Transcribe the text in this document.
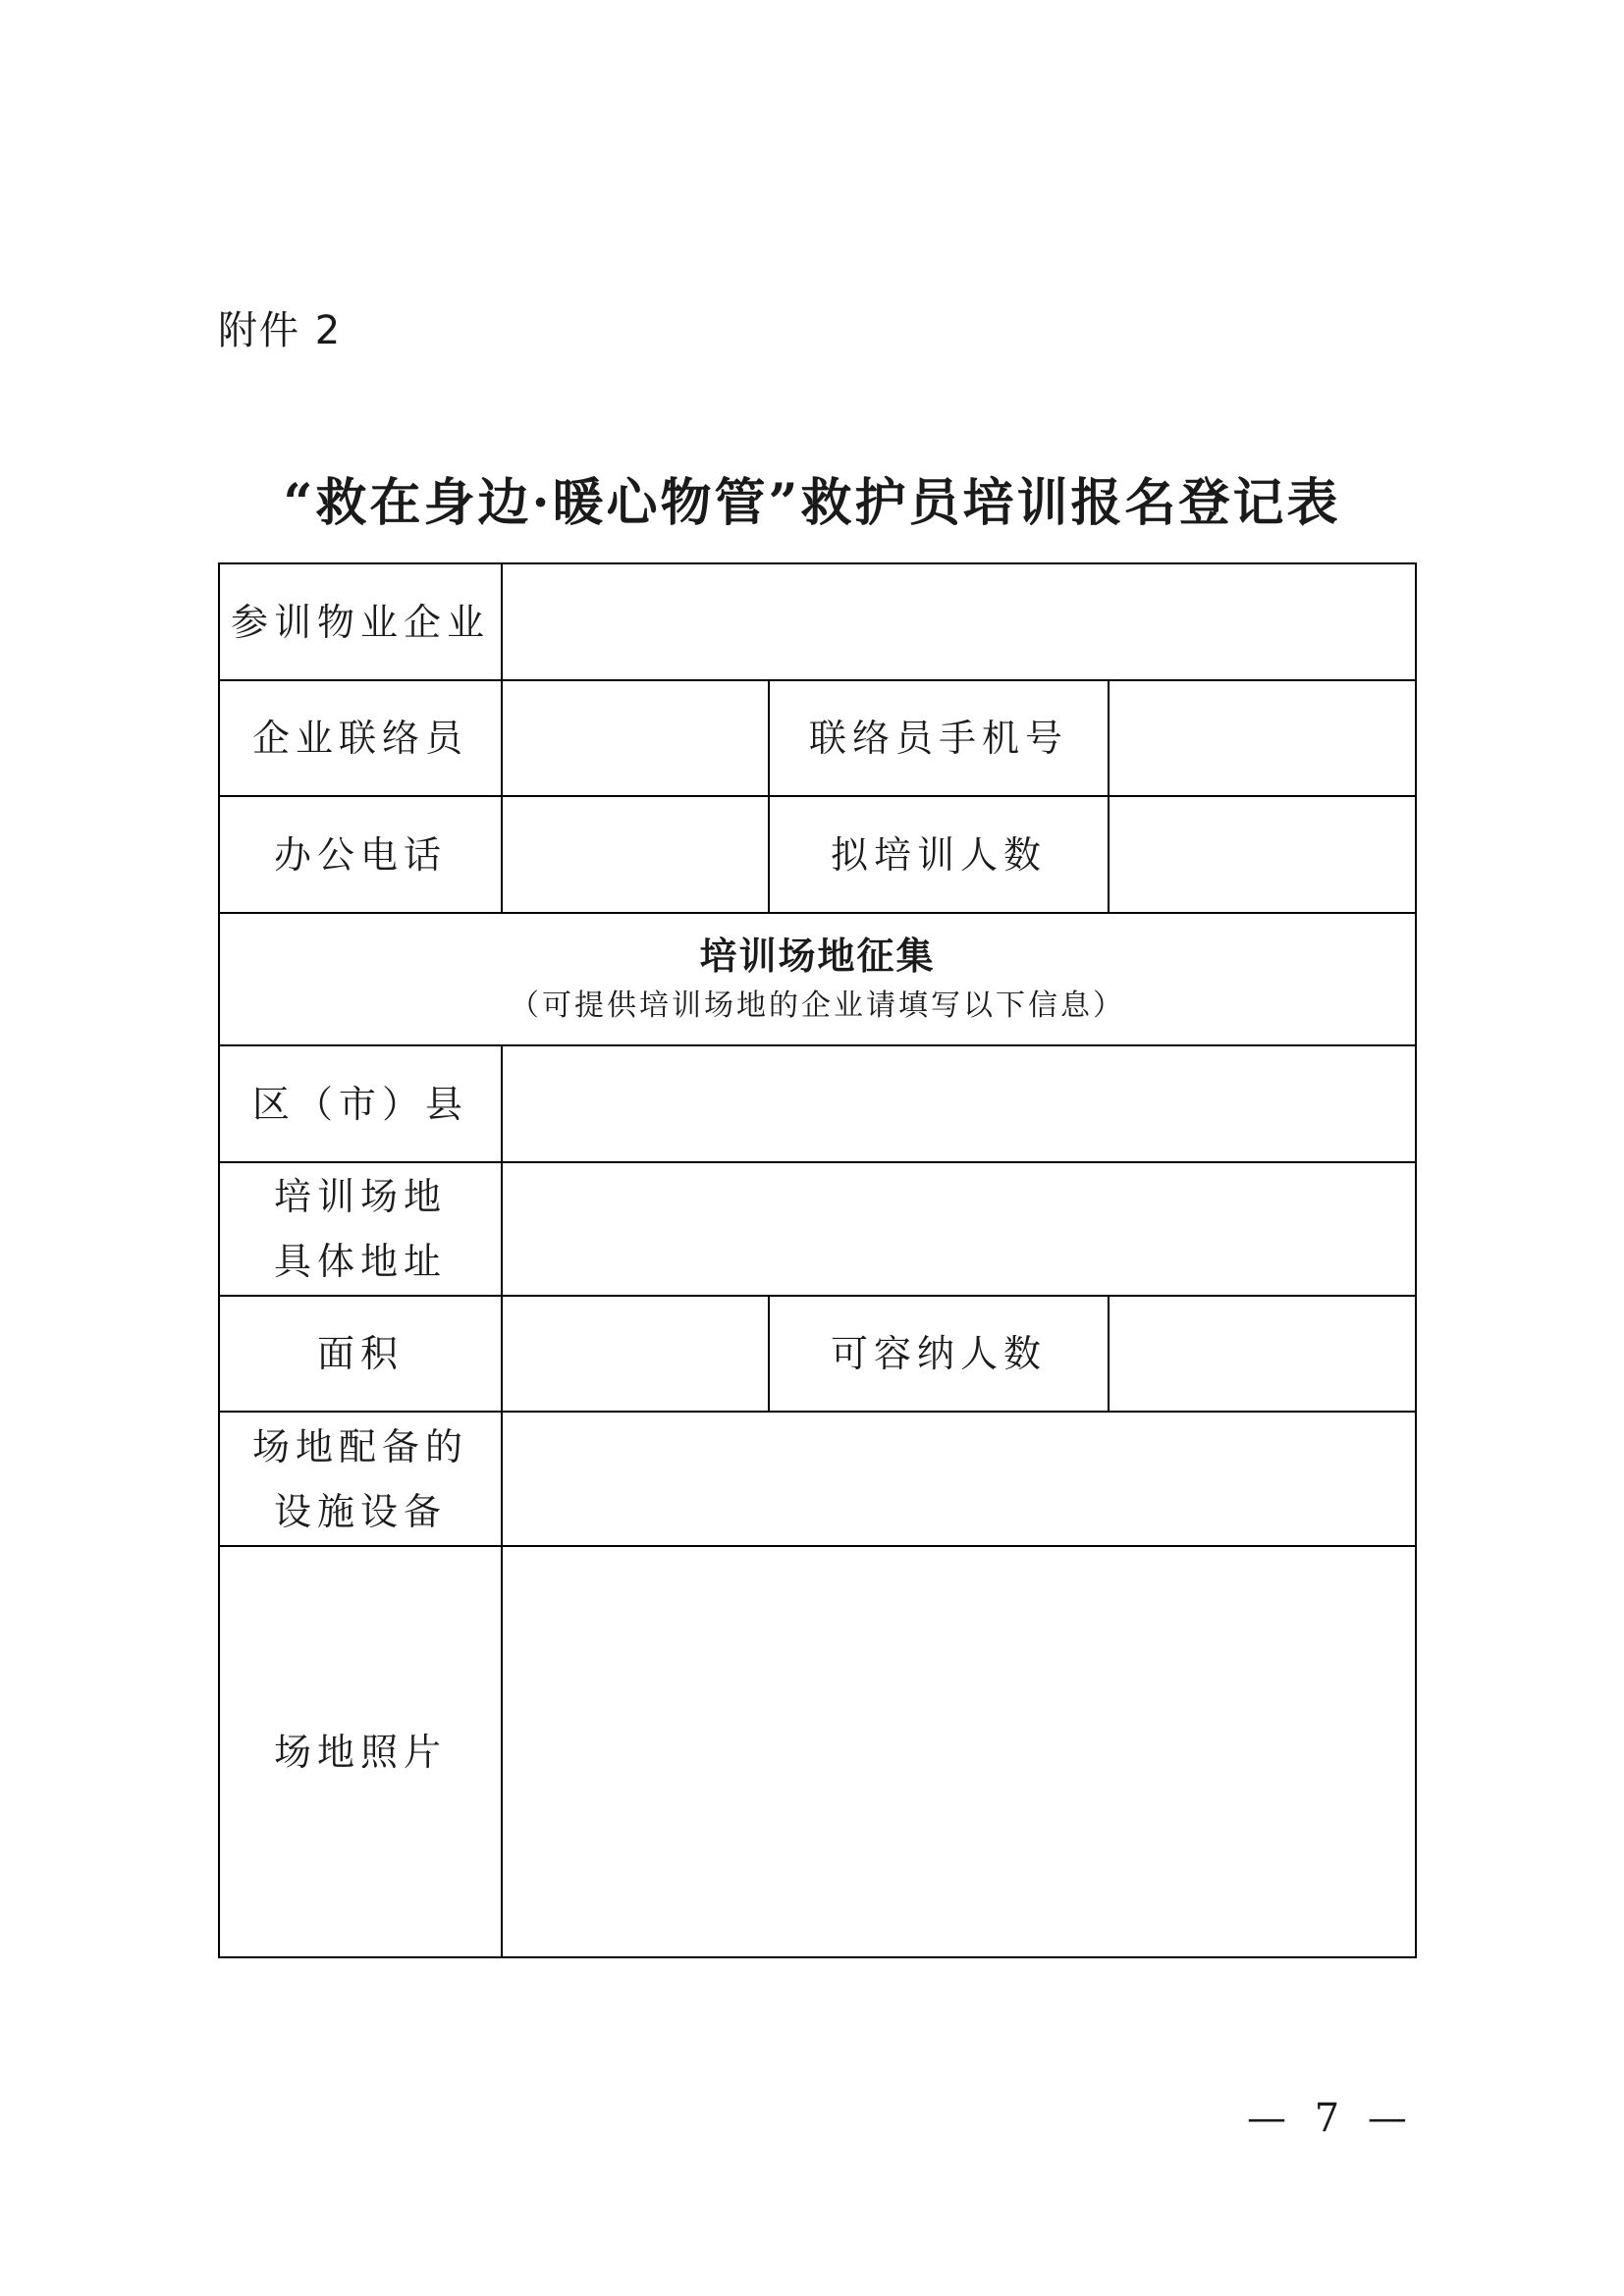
附件 2
“救在身边·暖心物管”救护员培训报名登记表
参训物业企业			
企业联络员		联络员手机号	
办公电话		拟培训人数	

培训场地征集
（可提供培训场地的企业请填写以下信息）			

区（市）县			

培训场地
具体地址			

面积		可容纳人数	

场地配备的
设施设备			

场地照片			
— 7 —
